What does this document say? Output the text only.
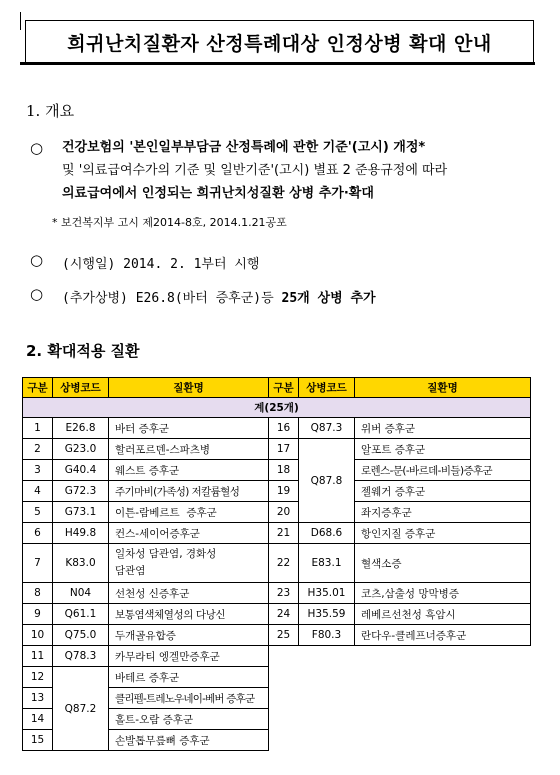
희귀난치질환자 산정특례대상 인정상병 확대 안내
1. 개요
○ 건강보험의 '본인일부부담금 산정특례에 관한 기준'(고시) 개정*
및 '의료급여수가의 기준 및 일반기준'(고시) 별표 2 준용규정에 따라
의료급여에서 인정되는 희귀난치성질환 상병 추가·확대
* 보건복지부 고시 제2014-8호, 2014.1.21공포
○ (시행일) 2014. 2. 1부터 시행
○ (추가상병) E26.8(바터 증후군)등 25개 상병 추가
2. 확대적용 질환
구분	상병코드	질환명	구분	상병코드	질환명
계(25개)					
1	E26.8	바터 증후군	16	Q87.3	위버 증후군
2	G23.0	할러포르덴-스파츠병	17	Q87.8	알포트 증후군
3	G40.4	웨스트 증후군	18		로렌스-문(-바르데-비들)증후군
4	G72.3	주기마비(가족성) 저칼륨혈성	19		젤웨거 증후군
5	G73.1	이튼-람베르트  증후군	20		좌지증후군
6	H49.8	컨스-세이어증후군	21	D68.6	항인지질 증후군
7	K83.0	일차성 담관염, 경화성
담관염	22	E83.1	혈색소증
8	N04	선천성 신증후군	23	H35.01	코츠,삼출성 망막병증
9	Q61.1	보통염색체열성의 다낭신	24	H35.59	레베르선천성 흑암시
10	Q75.0	두개골유합증	25	F80.3	란다우-클레프너증후군
11	Q78.3	카무라티 엥겔만증후군			
12	Q87.2	바테르 증후군			
13		클리펠-트레노우네이-베버 증후군			
14		홀트-오람 증후군			
15		손발톱무릎뼈 증후군			
